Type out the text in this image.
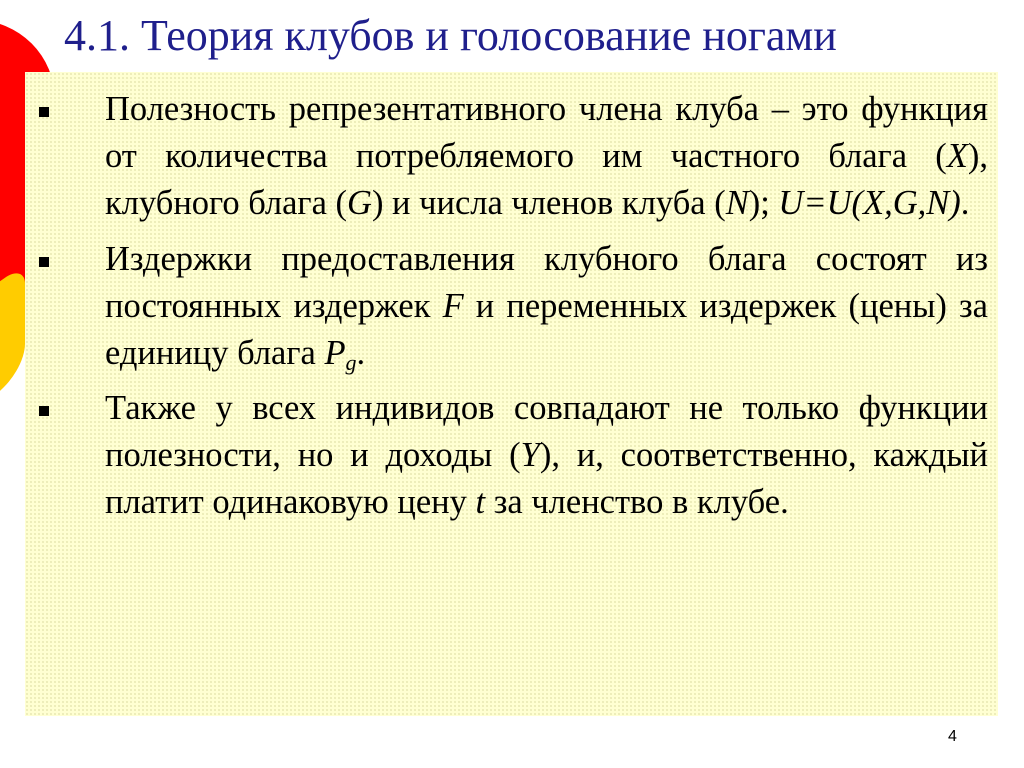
4.1. Теория клубов и голосование ногами
Полезность репрезентативного члена клуба – это функция от количества потребляемого им частного блага (X), клубного блага (G) и числа членов клуба (N); U=U(X,G,N).
Издержки предоставления клубного блага состоят из постоянных издержек F и переменных издержек (цены) за единицу блага $P_g$.
Также у всех индивидов совпадают не только функции полезности, но и доходы (Y), и, соответственно, каждый платит одинаковую цену t за членство в клубе.
4
